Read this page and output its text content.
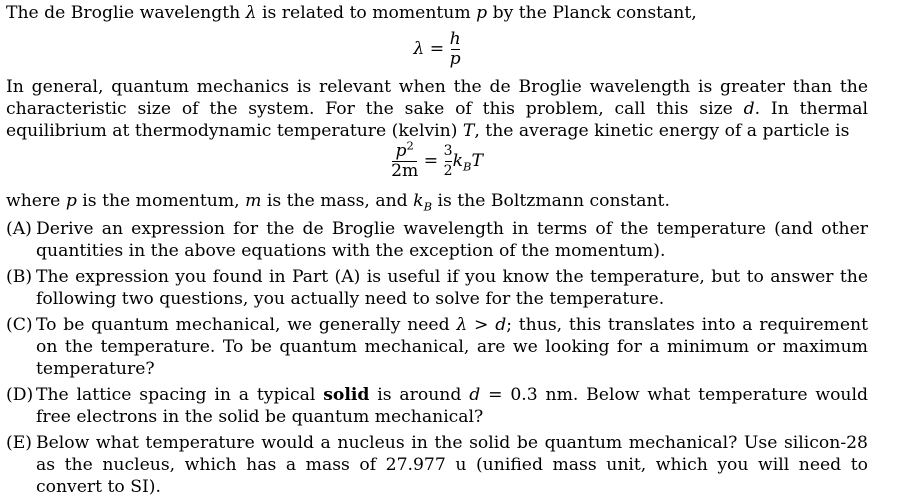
The de Broglie wavelength λ is related to momentum p by the Planck constant,

$\lambda = \frac{h}{p}$

In general, quantum mechanics is relevant when the de Broglie wavelength is greater than the characteristic size of the system. For the sake of this problem, call this size d. In thermal equilibrium at thermodynamic temperature (kelvin) T, the average kinetic energy of a particle is

$\frac{p^2}{2m} = \frac{3}{2} k_BT$

where p is the momentum, m is the mass, and $k_B$ is the Boltzmann constant.

(A) Derive an expression for the de Broglie wavelength in terms of the temperature (and other quantities in the above equations with the exception of the momentum).

(B) The expression you found in Part (A) is useful if you know the temperature, but to answer the following two questions, you actually need to solve for the temperature.

(C) To be quantum mechanical, we generally need λ > d; thus, this translates into a requirement on the temperature. To be quantum mechanical, are we looking for a minimum or maximum temperature?

(D) The lattice spacing in a typical solid is around d = 0.3 nm. Below what temperature would free electrons in the solid be quantum mechanical?

(E) Below what temperature would a nucleus in the solid be quantum mechanical? Use silicon-28 as the nucleus, which has a mass of 27.977 u (unified mass unit, which you will need to convert to SI).
